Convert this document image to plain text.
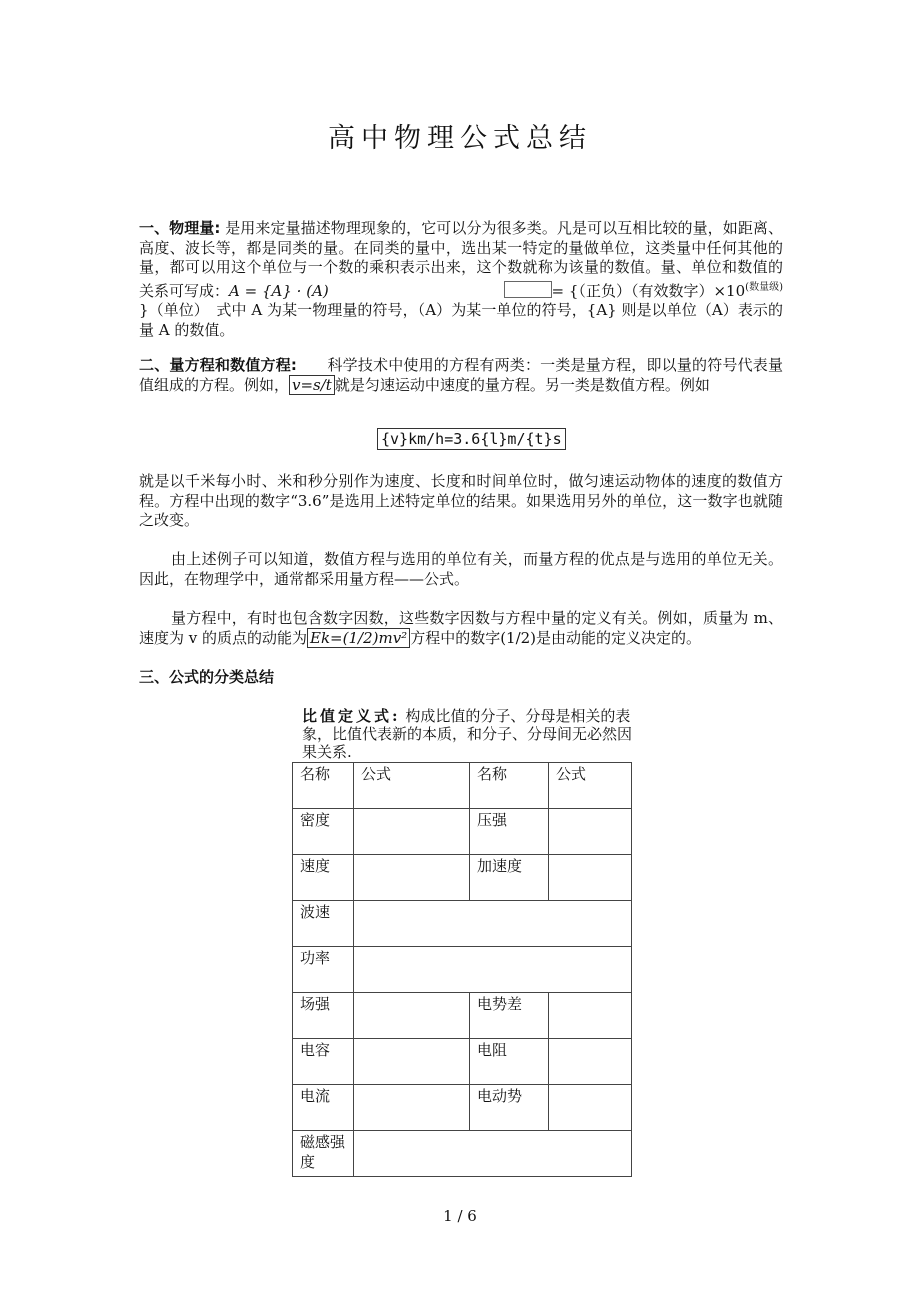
高中物理公式总结
一、物理量: 是用来定量描述物理现象的，它可以分为很多类。凡是可以互相比较的量，如距离、高度、波长等，都是同类的量。在同类的量中，选出某一特定的量做单位，这类量中任何其他的量，都可以用这个单位与一个数的乘积表示出来，这个数就称为该量的数值。量、单位和数值的关系可写成：A = {A} · (A)	= {（正负）（有效数字）$\times 10^{(数量级)}$ }（单位）　式中 A 为某一物理量的符号，（A）为某一单位的符号，{A} 则是以单位（A）表示的量 A 的数值。
二、量方程和数值方程:　　科学技术中使用的方程有两类：一类是量方程，即以量的符号代表量值组成的方程。例如， v=s/t 就是匀速运动中速度的量方程。另一类是数值方程。例如
{v}km/h=3.6{l}m/{t}s
就是以千米每小时、米和秒分别作为速度、长度和时间单位时，做匀速运动物体的速度的数值方程。方程中出现的数字“3.6”是选用上述特定单位的结果。如果选用另外的单位，这一数字也就随之改变。
由上述例子可以知道，数值方程与选用的单位有关，而量方程的优点是与选用的单位无关。因此，在物理学中，通常都采用量方程——公式。
量方程中，有时也包含数字因数，这些数字因数与方程中量的定义有关。例如，质量为 m、速度为 v 的质点的动能为 Ek=(1/2)mv² 方程中的数字(1/2)是由动能的定义决定的。
三、公式的分类总结
比值定义式: 构成比值的分子、分母是相关的表象，比值代表新的本质，和分子、分母间无必然因果关系.
名称	公式	名称	公式
密度		压强	
速度		加速度	
波速			
功率			
场强		电势差	
电容		电阻	
电流		电动势	
磁感强度			
1 / 6
